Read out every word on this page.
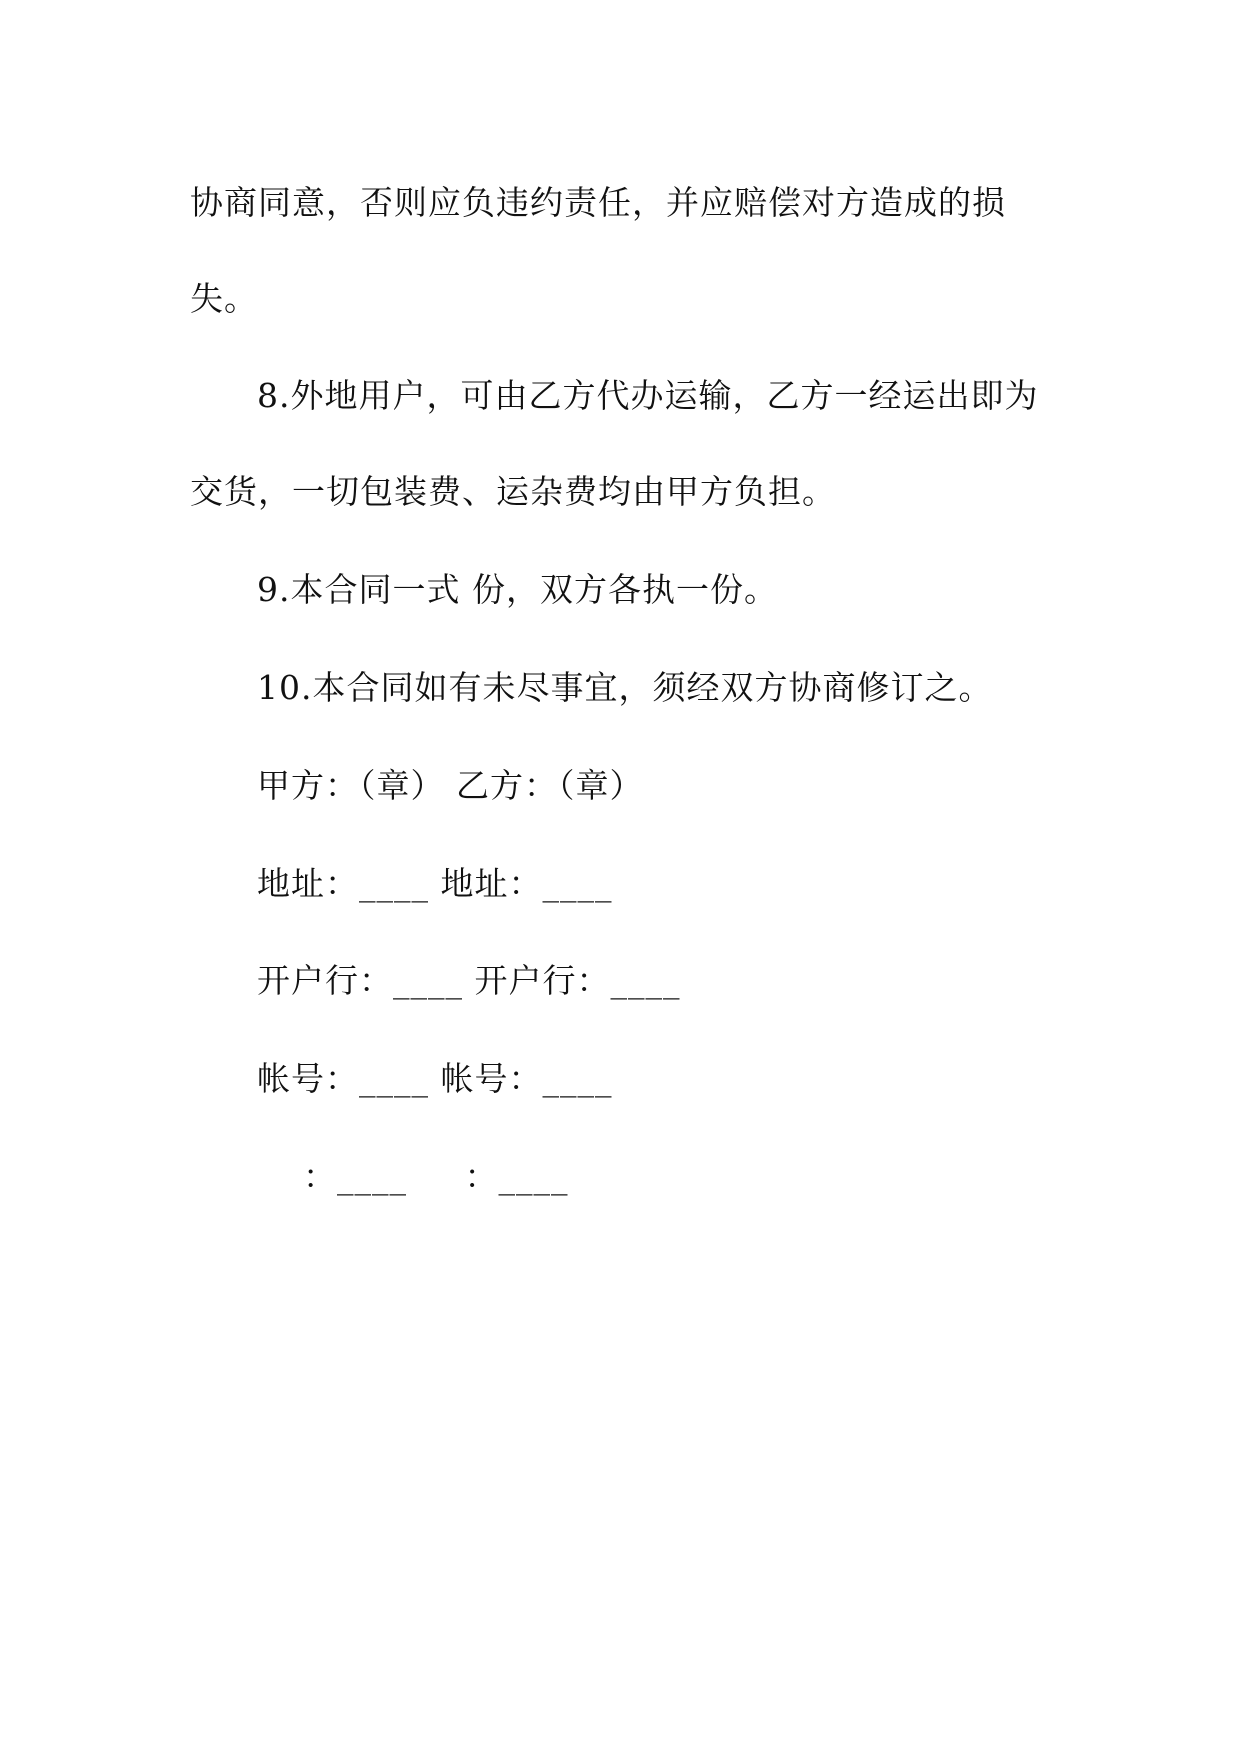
协商同意，否则应负违约责任，并应赔偿对方造成的损
失。
8.外地用户，可由乙方代办运输，乙方一经运出即为
交货，一切包装费、运杂费均由甲方负担。
9.本合同一式 份，双方各执一份。
10.本合同如有未尽事宜，须经双方协商修订之。
甲方：（章） 乙方：（章）
地址：____ 地址：____
开户行：____ 开户行：____
帐号：____ 帐号：____
：____     ：____
